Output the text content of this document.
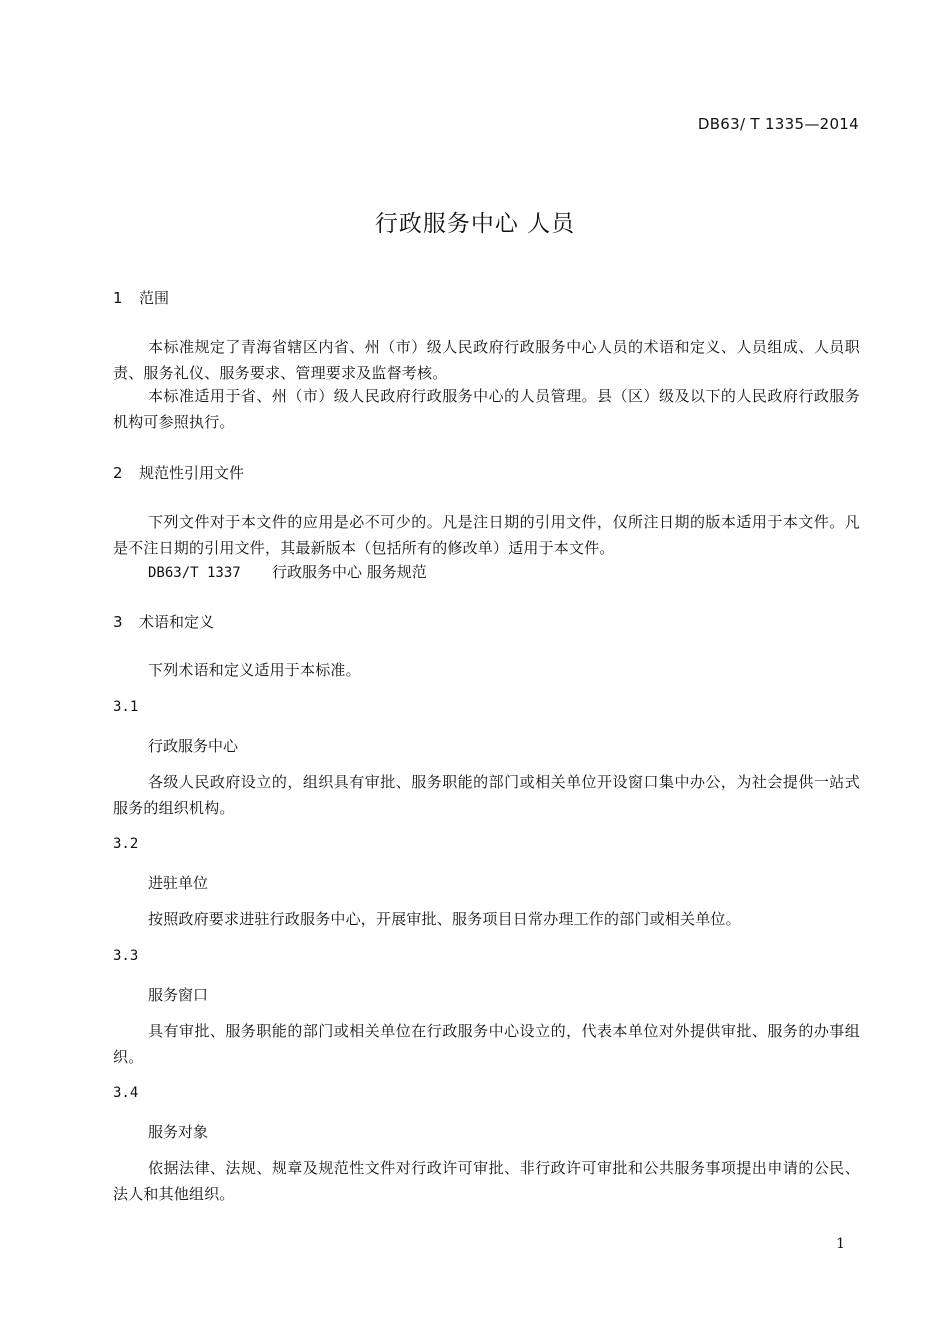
DB63/ T 1335—2014
行政服务中心 人员
1 范围

本标准规定了青海省辖区内省、州（市）级人民政府行政服务中心人员的术语和定义、人员组成、人员职责、服务礼仪、服务要求、管理要求及监督考核。

本标准适用于省、州（市）级人民政府行政服务中心的人员管理。县（区）级及以下的人民政府行政服务机构可参照执行。

2 规范性引用文件

下列文件对于本文件的应用是必不可少的。凡是注日期的引用文件，仅所注日期的版本适用于本文件。凡是不注日期的引用文件，其最新版本（包括所有的修改单）适用于本文件。

DB63/T 1337 行政服务中心 服务规范
3 术语和定义

下列术语和定义适用于本标准。

3.1
行政服务中心

各级人民政府设立的，组织具有审批、服务职能的部门或相关单位开设窗口集中办公，为社会提供一站式服务的组织机构。

3.2
进驻单位

按照政府要求进驻行政服务中心，开展审批、服务项目日常办理工作的部门或相关单位。

3.3
服务窗口

具有审批、服务职能的部门或相关单位在行政服务中心设立的，代表本单位对外提供审批、服务的办事组织。

3.4
服务对象

依据法律、法规、规章及规范性文件对行政许可审批、非行政许可审批和公共服务事项提出申请的公民、法人和其他组织。

1
